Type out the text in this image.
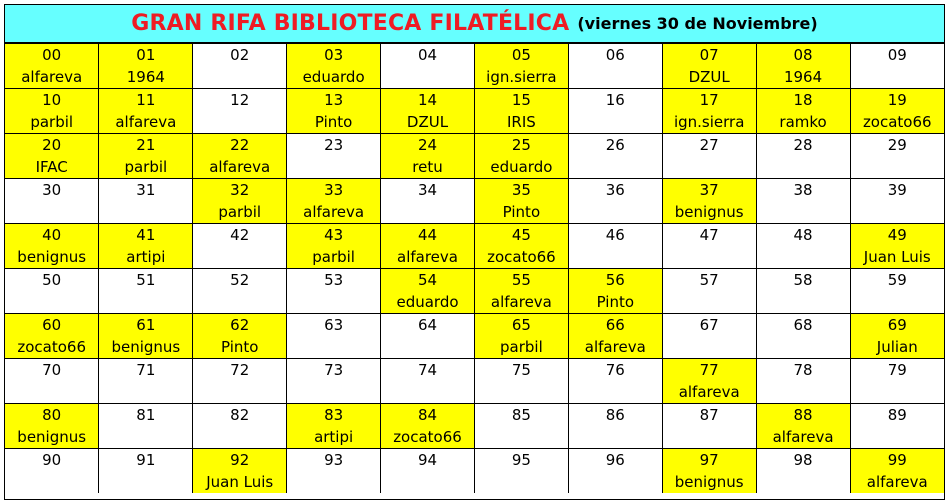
GRAN RIFA BIBLIOTECA FILATÉLICA (viernes 30 de Noviembre)
00	01	02	03	04	05	06	07	08	09
alfareva	1964		eduardo		ign.sierra		DZUL	1964	
10	11	12	13	14	15	16	17	18	19
parbil	alfareva		Pinto	DZUL	IRIS		ign.sierra	ramko	zocato66
20	21	22	23	24	25	26	27	28	29
IFAC	parbil	alfareva		retu	eduardo				
30	31	32	33	34	35	36	37	38	39
		parbil	alfareva		Pinto		benignus		
40	41	42	43	44	45	46	47	48	49
benignus	artipi		parbil	alfareva	zocato66				Juan Luis
50	51	52	53	54	55	56	57	58	59
				eduardo	alfareva	Pinto			
60	61	62	63	64	65	66	67	68	69
zocato66	benignus	Pinto			parbil	alfareva			Julian
70	71	72	73	74	75	76	77	78	79
							alfareva		
80	81	82	83	84	85	86	87	88	89
benignus			artipi	zocato66				alfareva	
90	91	92	93	94	95	96	97	98	99
		Juan Luis					benignus		alfareva
